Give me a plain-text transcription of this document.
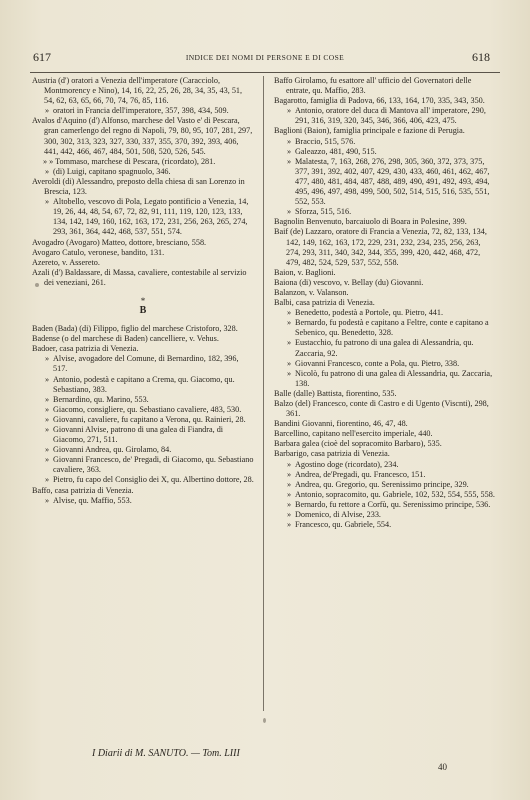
617	INDICE DEI NOMI DI PERSONE E DI COSE	618
Austria (d') oratori a Venezia dell'imperatore (Caracciolo, Montmorency e Nino), 14, 16, 22, 25, 26, 28, 34, 35, 43, 51, 54, 62, 63, 65, 66, 70, 74, 76, 85, 116.
» oratori in Francia dell'imperatore, 357, 398, 434, 509.
Avalos d'Aquino (d') Alfonso, marchese del Vasto e' di Pescara, gran camerlengo del regno di Napoli, 79, 80, 95, 107, 281, 297, 300, 302, 313, 323, 327, 330, 337, 355, 370, 392, 393, 406, 441, 442, 466, 467, 484, 501, 508, 520, 526, 545.
» » Tommaso, marchese di Pescara, (ricordato), 281.
» (di) Luigi, capitano spagnuolo, 346.
Averoldi (di) Alessandro, preposto della chiesa di san Lorenzo in Brescia, 123.
» Altobello, vescovo di Pola, Legato pontificio a Venezia, 14, 19, 26, 44, 48, 54, 67, 72, 82, 91, 111, 119, 120, 123, 133, 134, 142, 149, 160, 162, 163, 172, 231, 256, 263, 265, 274, 293, 361, 364, 442, 468, 537, 551, 574.
Avogadro (Avogaro) Matteo, dottore, bresciano, 558.
Avogaro Catulo, veronese, bandito, 131.
Azereto, v. Assereto.
Azali (d') Baldassare, di Massa, cavaliere, contestabile al servizio dei veneziani, 261.
*
B
Baden (Bada) (di) Filippo, figlio del marchese Cristoforo, 328.
Badense (o del marchese di Baden) cancelliere, v. Vehus.
Badoer, casa patrizia di Venezia.
» Alvise, avogadore del Comune, di Bernardino, 182, 396, 517.
» Antonio, podestà e capitano a Crema, qu. Giacomo, qu. Sebastiano, 383.
» Bernardino, qu. Marino, 553.
» Giacomo, consigliere, qu. Sebastiano cavaliere, 483, 530.
» Giovanni, cavaliere, fu capitano a Verona, qu. Rainieri, 28.
» Giovanni Alvise, patrono di una galea di Fiandra, di Giacomo, 271, 511.
» Giovanni Andrea, qu. Girolamo, 84.
» Giovanni Francesco, de' Pregadi, di Giacomo, qu. Sebastiano cavaliere, 363.
» Pietro, fu capo del Consiglio dei X, qu. Albertino dottore, 28.
Baffo, casa patrizia di Venezia.
» Alvise, qu. Maffio, 553.
Baffo Girolamo, fu esattore all' ufficio del Governatori delle entrate, qu. Maffio, 283.
Bagarotto, famiglia di Padova, 66, 133, 164, 170, 335, 343, 350.
» Antonio, oratore del duca di Mantova all' imperatore, 290, 291, 316, 319, 320, 345, 346, 366, 406, 423, 475.
Baglioni (Baion), famiglia principale e fazione di Perugia.
» Braccio, 515, 576.
» Galeazzo, 481, 490, 515.
» Malatesta, 7, 163, 268, 276, 298, 305, 360, 372, 373, 375, 377, 391, 392, 402, 407, 429, 430, 433, 460, 461, 462, 467, 477, 480, 481, 484, 487, 488, 489, 490, 491, 492, 493, 494, 495, 496, 497, 498, 499, 500, 502, 514, 515, 516, 535, 551, 552, 553.
» Sforza, 515, 516.
Bagnolin Benvenuto, barcaiuolo di Boara in Polesine, 399.
Baif (de) Lazzaro, oratore di Francia a Venezia, 72, 82, 133, 134, 142, 149, 162, 163, 172, 229, 231, 232, 234, 235, 256, 263, 274, 293, 311, 340, 342, 344, 355, 399, 420, 442, 468, 472, 479, 482, 524, 529, 537, 552, 558.
Baion, v. Baglioni.
Baiona (di) vescovo, v. Bellay (du) Giovanni.
Balanzon, v. Valanson.
Balbi, casa patrizia di Venezia.
» Benedetto, podestà a Portole, qu. Pietro, 441.
» Bernardo, fu podestà e capitano a Feltre, conte e capitano a Sebenico, qu. Benedetto, 328.
» Eustacchio, fu patrono di una galea di Alessandria, qu. Zaccaria, 92.
» Giovanni Francesco, conte a Pola, qu. Pietro, 338.
» Nicolò, fu patrono di una galea di Alessandria, qu. Zaccaria, 138.
Balle (dalle) Battista, fiorentino, 535.
Balzo (del) Francesco, conte di Castro e di Ugento (Viscnti), 298, 361.
Bandini Giovanni, fiorentino, 46, 47, 48.
Barcellino, capitano nell'esercito imperiale, 440.
Barbara galea (cioè del sopracomito Barbaro), 535.
Barbarigo, casa patrizia di Venezia.
» Agostino doge (ricordato), 234.
» Andrea, de'Pregadi, qu. Francesco, 151.
» Andrea, qu. Gregorio, qu. Serenissimo principe, 329.
» Antonio, sopracomito, qu. Gabriele, 102, 532, 554, 555, 558.
» Bernardo, fu rettore a Corfù, qu. Serenissimo principe, 536.
» Domenico, di Alvise, 233.
» Francesco, qu. Gabriele, 554.
I Diarii di M. SANUTO. — Tom. LIII
40
